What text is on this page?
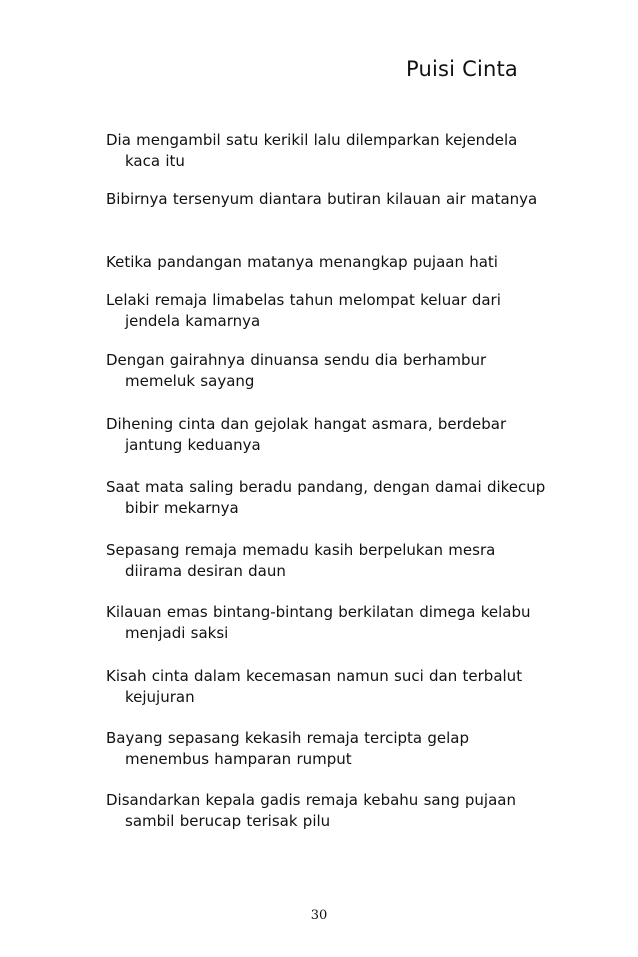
Puisi Cinta
Dia mengambil satu kerikil lalu dilemparkan kejendela kaca itu
Bibirnya tersenyum diantara butiran kilauan air matanya
Ketika pandangan matanya menangkap pujaan hati
Lelaki remaja limabelas tahun melompat keluar dari jendela kamarnya
Dengan gairahnya dinuansa sendu dia berhambur memeluk sayang
Dihening cinta dan gejolak hangat asmara, berdebar jantung keduanya
Saat mata saling beradu pandang, dengan damai dikecup bibir mekarnya
Sepasang remaja memadu kasih berpelukan mesra diirama desiran daun
Kilauan emas bintang-bintang berkilatan dimega kelabu menjadi saksi
Kisah cinta dalam kecemasan namun suci dan terbalut kejujuran
Bayang sepasang kekasih remaja tercipta gelap menembus hamparan rumput
Disandarkan kepala gadis remaja kebahu sang pujaan sambil berucap terisak pilu
30
